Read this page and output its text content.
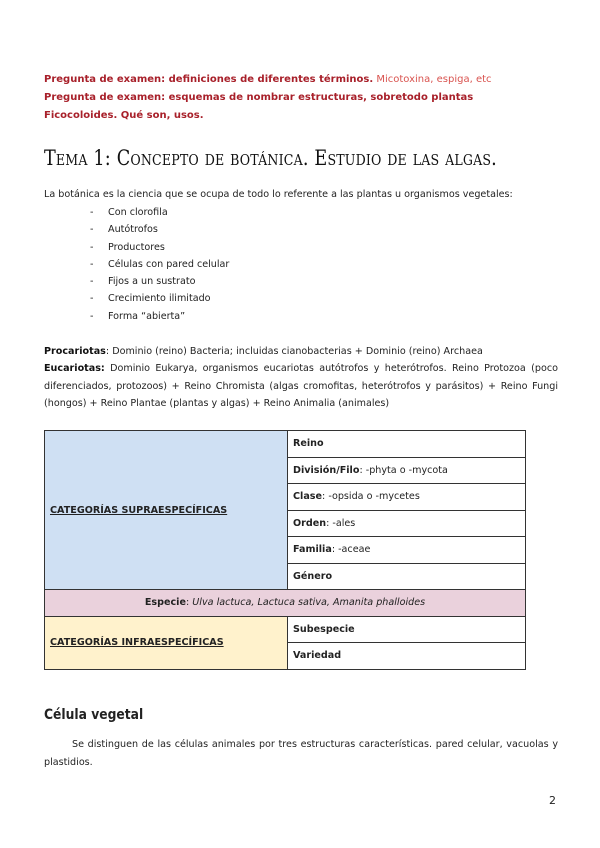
Pregunta de examen: definiciones de diferentes términos. Micotoxina, espiga, etc
Pregunta de examen: esquemas de nombrar estructuras, sobretodo plantas
Ficocoloides. Qué son, usos.
Tema 1: Concepto de botánica. Estudio de las algas.
La botánica es la ciencia que se ocupa de todo lo referente a las plantas u organismos vegetales:
- Con clorofila
- Autótrofos
- Productores
- Células con pared celular
- Fijos a un sustrato
- Crecimiento ilimitado
- Forma “abierta”
Procariotas: Dominio (reino) Bacteria; incluidas cianobacterias + Dominio (reino) Archaea
Eucariotas: Dominio Eukarya, organismos eucariotas autótrofos y heterótrofos. Reino Protozoa (poco diferenciados, protozoos) + Reino Chromista (algas cromofitas, heterótrofos y parásitos) + Reino Fungi (hongos) + Reino Plantae (plantas y algas) + Reino Animalia (animales)
CATEGORÍAS SUPRAESPECÍFICAS	Reino
	División/Filo: -phyta o -mycota
	Clase: -opsida o -mycetes
	Orden: -ales
	Familia: -aceae
	Género
Especie: Ulva lactuca, Lactuca sativa, Amanita phalloides	
CATEGORÍAS INFRAESPECÍFICAS	Subespecie
	Variedad
Célula vegetal
Se distinguen de las células animales por tres estructuras características. pared celular, vacuolas y plastidios.
2
